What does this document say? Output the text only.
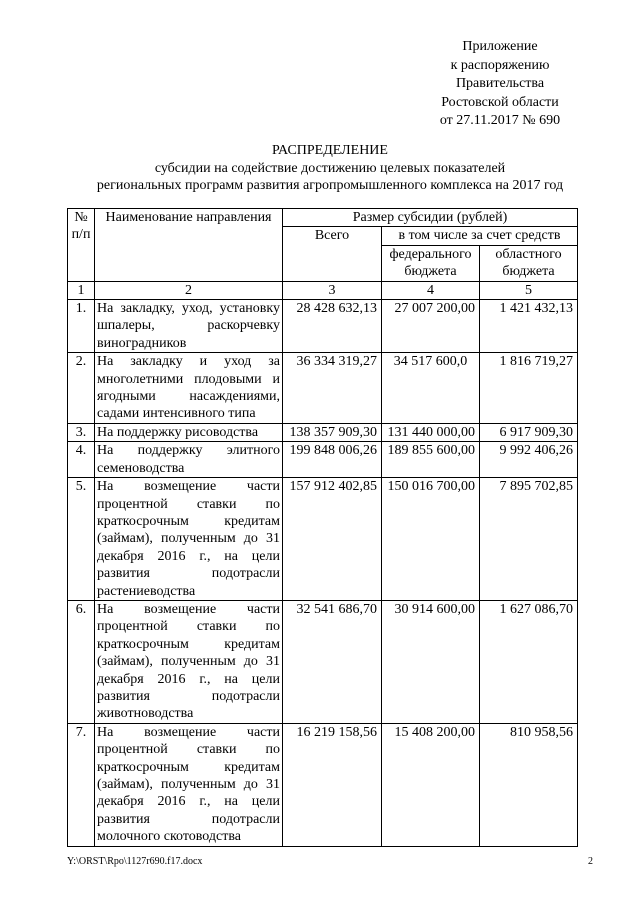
Приложение
к распоряжению
Правительства
Ростовской области
от 27.11.2017 № 690
РАСПРЕДЕЛЕНИЕ
субсидии на содействие достижению целевых показателей
региональных программ развития агропромышленного комплекса на 2017 год
№ п/п	Наименование направления	Размер субсидии (рублей)		
		Всего	в том числе за счет средств	
			федерального бюджета	областного бюджета
1	2	3	4	5
1.	На закладку, уход, установку шпалеры, раскорчевку виноградников	28 428 632,13	27 007 200,00	1 421 432,13
2.	На закладку и уход за многолетними плодовыми и ягодными насаждениями, садами интенсивного типа	36 334 319,27	34 517 600,0	1 816 719,27
3.	На поддержку рисоводства	138 357 909,30	131 440 000,00	6 917 909,30
4.	На поддержку элитного семеноводства	199 848 006,26	189 855 600,00	9 992 406,26
5.	На возмещение части процентной ставки по краткосрочным кредитам (займам), полученным до 31 декабря 2016 г., на цели развития подотрасли растениеводства	157 912 402,85	150 016 700,00	7 895 702,85
6.	На возмещение части процентной ставки по краткосрочным кредитам (займам), полученным до 31 декабря 2016 г., на цели развития подотрасли животноводства	32 541 686,70	30 914 600,00	1 627 086,70
7.	На возмещение части процентной ставки по краткосрочным кредитам (займам), полученным до 31 декабря 2016 г., на цели развития подотрасли молочного скотоводства	16 219 158,56	15 408 200,00	810 958,56
Y:\ORST\Rpo\1127r690.f17.docx	2
